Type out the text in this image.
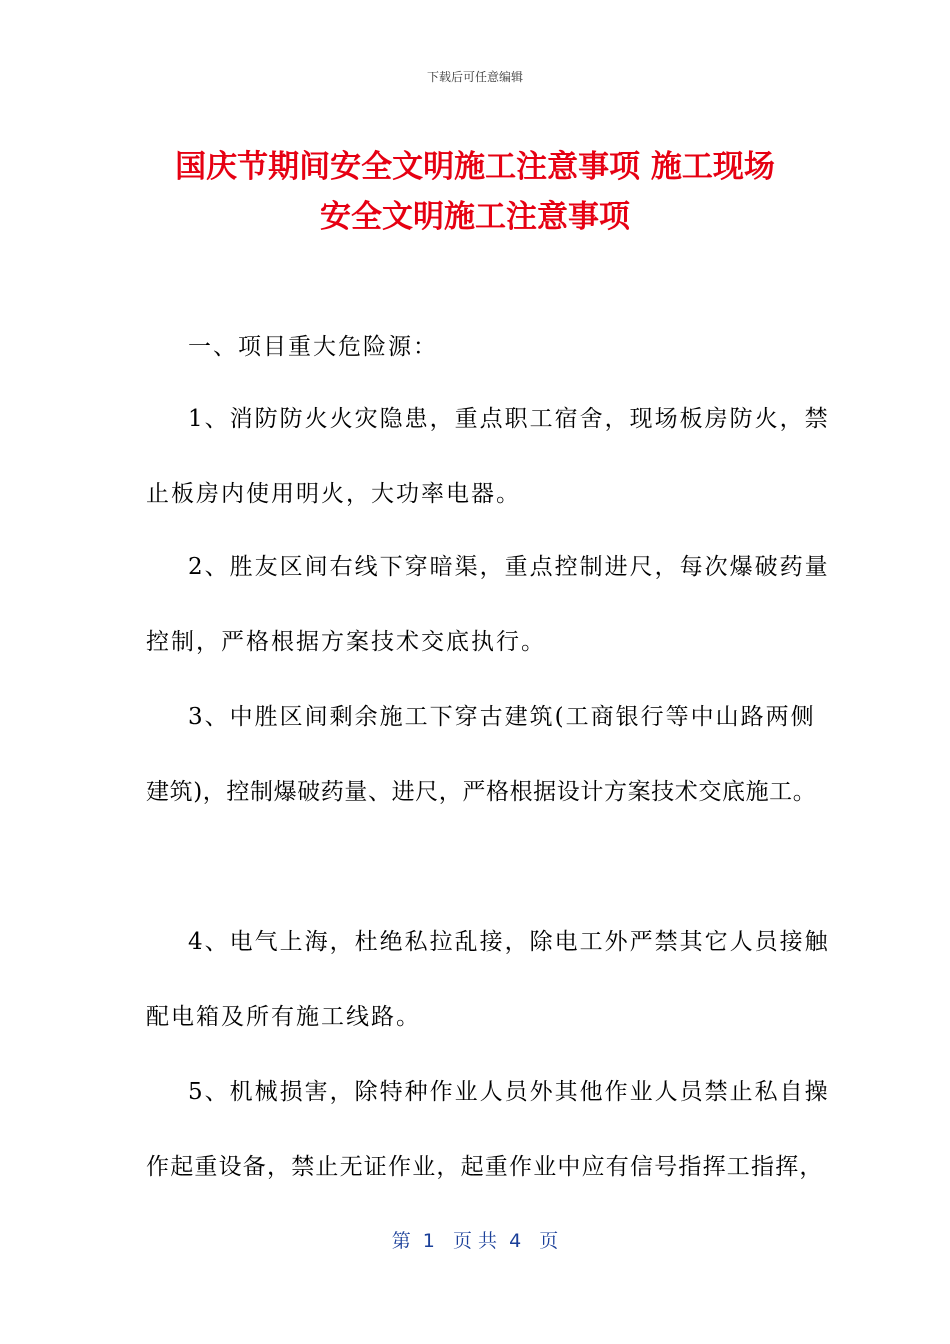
下载后可任意编辑
国庆节期间安全文明施工注意事项 施工现场
安全文明施工注意事项

一、项目重大危险源：

1、消防防火火灾隐患，重点职工宿舍，现场板房防火，禁

止板房内使用明火，大功率电器。

2、胜友区间右线下穿暗渠，重点控制进尺，每次爆破药量

控制，严格根据方案技术交底执行。

3、中胜区间剩余施工下穿古建筑(工商银行等中山路两侧

建筑)，控制爆破药量、进尺，严格根据设计方案技术交底施工。

4、电气上海，杜绝私拉乱接，除电工外严禁其它人员接触

配电箱及所有施工线路。

5、机械损害，除特种作业人员外其他作业人员禁止私自操

作起重设备，禁止无证作业，起重作业中应有信号指挥工指挥，

第  1   页 共  4   页
